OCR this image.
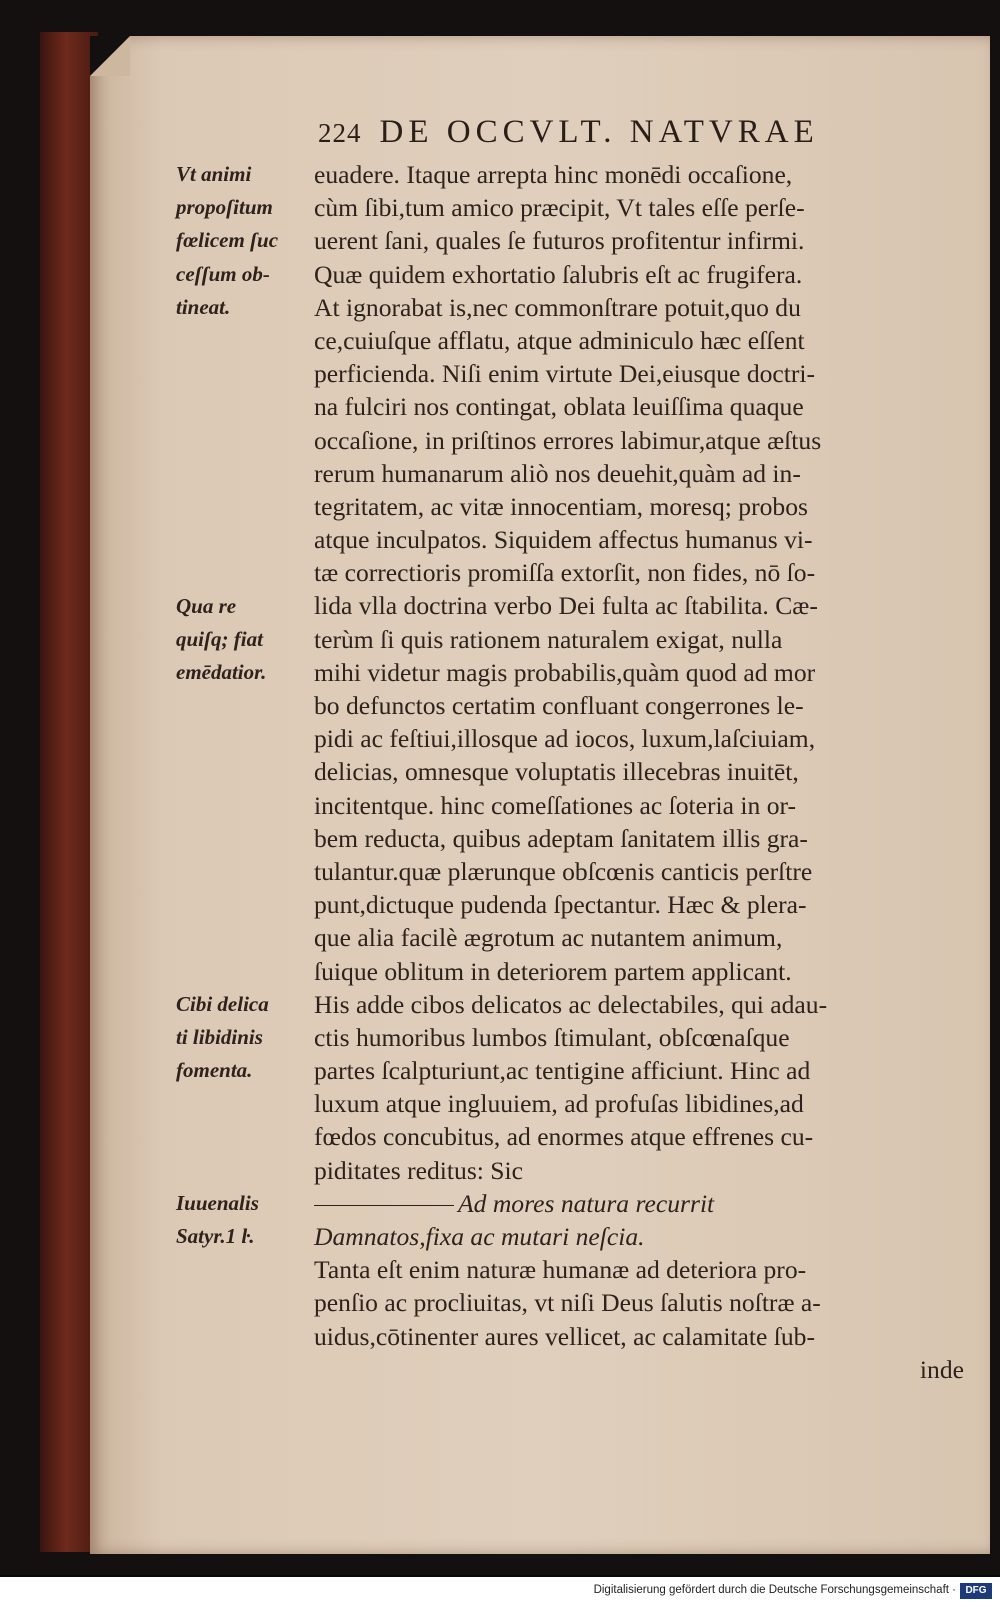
224 DE OCCVLT. NATVRAE
euadere. Itaque arrepta hinc monēdi occaſione,
cùm ſibi,tum amico præcipit, Vt tales eſſe perſe-
uerent ſani, quales ſe futuros profitentur infirmi.
Quæ quidem exhortatio ſalubris eſt ac frugifera.
At ignorabat is,nec commonſtrare potuit,quo du
ce,cuiuſque afflatu, atque adminiculo hæc eſſent
perficienda. Niſi enim virtute Dei,eiusque doctri-
na fulciri nos contingat, oblata leuiſſima quaque
occaſione, in priſtinos errores labimur,atque æſtus
rerum humanarum aliò nos deuehit,quàm ad in-
tegritatem, ac vitæ innocentiam, moresq; probos
atque inculpatos. Siquidem affectus humanus vi-
tæ correctioris promiſſa extorſit, non fides, nō ſo-
lida vlla doctrina verbo Dei fulta ac ſtabilita. Cæ-
terùm ſi quis rationem naturalem exigat, nulla
mihi videtur magis probabilis,quàm quod ad mor
bo defunctos certatim confluant congerrones le-
pidi ac feſtiui,illosque ad iocos, luxum,laſciuiam,
delicias, omnesque voluptatis illecebras inuitēt,
incitentque. hinc comeſſationes ac ſoteria in or-
bem reducta, quibus adeptam ſanitatem illis gra-
tulantur.quæ plærunque obſcœnis canticis perſtre
punt,dictuque pudenda ſpectantur. Hæc & plera-
que alia facilè ægrotum ac nutantem animum,
ſuique oblitum in deteriorem partem applicant.
His adde cibos delicatos ac delectabiles, qui adau-
ctis humoribus lumbos ſtimulant, obſcœnaſque
partes ſcalpturiunt,ac tentigine afficiunt. Hinc ad
luxum atque ingluuiem, ad profuſas libidines,ad
fœdos concubitus, ad enormes atque effrenes cu-
piditates reditus: Sic
Ad mores natura recurrit
Damnatos,fixa ac mutari neſcia.
Tanta eſt enim naturæ humanæ ad deteriora pro-
penſio ac procliuitas, vt niſi Deus ſalutis noſtræ a-
uidus,cōtinenter aures vellicet, ac calamitate ſub-
inde
Vt animi
propoſitum
fœlicem ſuc
ceſſum ob-
tineat.
Qua re
quiſq; fiat
emēdatior.
Cibi delica
ti libidinis
fomenta.
Iuuenalis
Satyr.1 ŀ.
Digitalisierung gefördert durch die Deutsche Forschungsgemeinschaft · DFG
